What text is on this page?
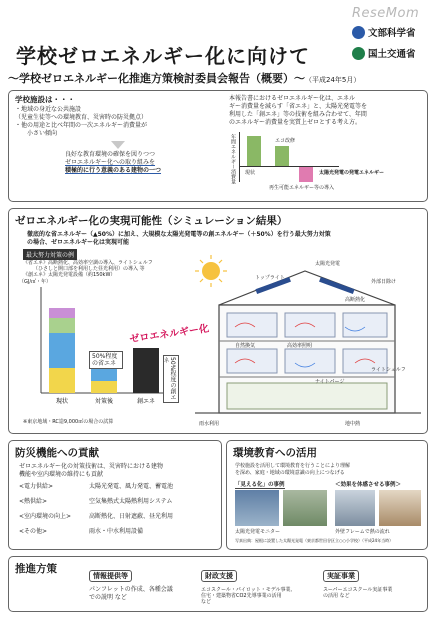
ReseMom
文部科学省
国土交通省
学校ゼロエネルギー化に向けて
～学校ゼロエネルギー化推進方策検討委員会報告（概要）～（平成24年5月）
学校施設は・・・
・地域の身近な公共施設
（児童生徒等への環境教育、災害時の防災拠点）
・他の用途と比べ年間の一次エネルギー消費量が
小さい傾向
良好な教育環境の確保を図りつつ
ゼロエネルギー化への取り組みを
積極的に行う意義のある建物の一つ
本報告書におけるゼロエネルギー化は、エネル
ギー消費量を減らす「省エネ」と、太陽光発電等を
利用した「創エネ」等の技術を組み合わせて、年間
のエネルギー消費量を実質上ゼロとする考え方。
年間エネルギー消費量 現状
エコ改修
太陽光発電の発電エネルギー
再生可能エネルギー等の導入
ゼロエネルギー化の実現可能性（シミュレーション結果）
徹底的な省エネルギー（▲50%）に加え、大規模な太陽光発電等の創エネルギー（＋50%）を行う最大努力対策
の場合、ゼロエネルギー化は実現可能
最大努力対策の例
《省エネ》高断熱化、高効率空調の導入、ライトシェルフ
（ひさしと開口部を利用した昼光利用）の導入 等
《創エネ》太陽光発電設備（約150kW）
現状	対策後	創エネ
（GJ/㎡・年）
ゼロエネルギー化
50%程度の省エネ	50%程度の創エネ
※東京地域・RC造9,000㎡の場合の試算
太陽光発電
高断熱化
外部日除け
高効率照明
自然換気
雨水利用
ライトシェルフ
ナイトパージ
地中熱
トップライト
防災機能への貢献
ゼロエネルギー化の対策技術は、災害時における建物
機能や室内環境の維持にも貢献
<電力供給>	太陽光発電、風力発電、蓄電池
<熱供給>	空気集熱式太陽熱利用システム
<室内環境の向上>	高断熱化、日射遮蔽、昼光利用
<その他>	雨水・中水利用設備
環境教育への活用
学校施設を活用して環境教育を行うことにより理解
を深め、家庭・地域の環境意識の向上につなげる
「見える化」の事例	＜効果を体感させる事例＞
太陽光発電モニター	外壁フレームで熱の流れ
写真出典：屋根に設置した太陽光発電（東京都世田谷区立○○小学校）（平成24年当時）
推進方策
情報提供等
パンフレットの作成、各種会議
での説明 など
財政支援
エコスクール・パイロット・モデル事業、
住宅・建築物省CO2先導事業の活用
など
実証事業
スーパーエコスクール実証事業
の活用 など
